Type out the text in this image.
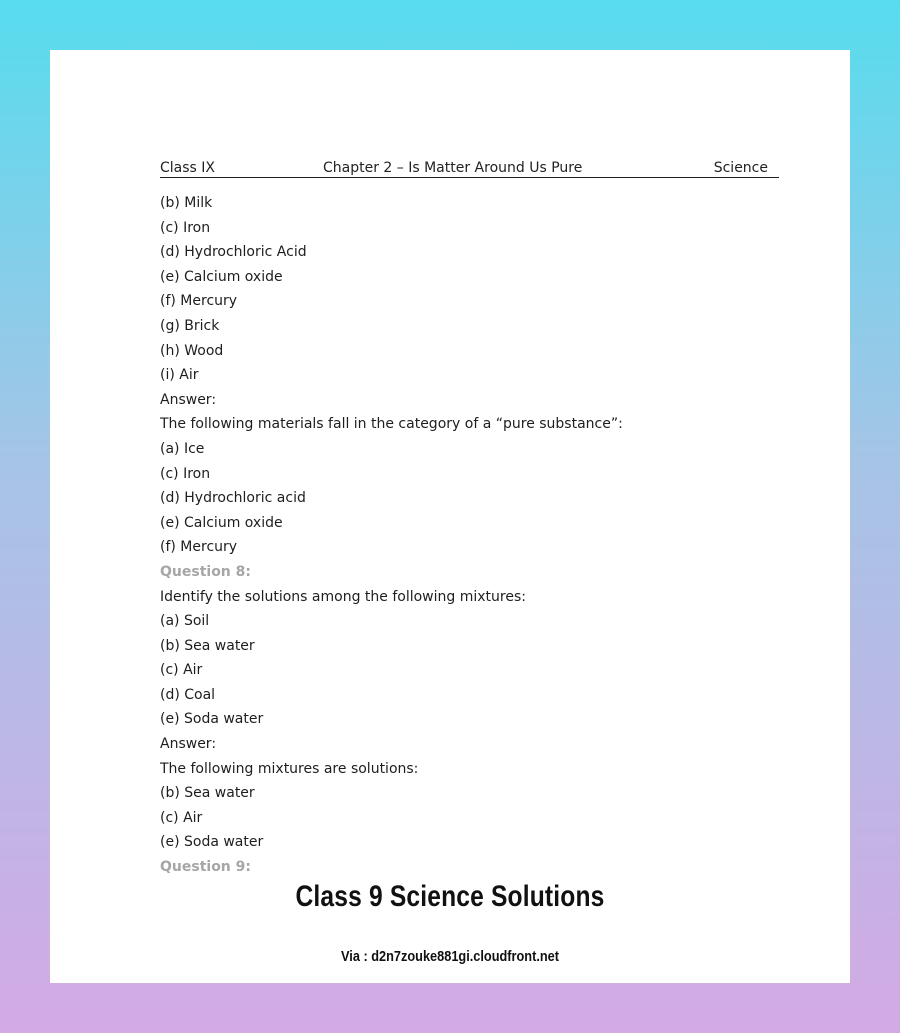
Class IX	Chapter 2 – Is Matter Around Us Pure	Science
(b) Milk
(c) Iron
(d) Hydrochloric Acid
(e) Calcium oxide
(f) Mercury
(g) Brick
(h) Wood
(i) Air
Answer:
The following materials fall in the category of a “pure substance”:
(a) Ice
(c) Iron
(d) Hydrochloric acid
(e) Calcium oxide
(f) Mercury
Question 8:
Identify the solutions among the following mixtures:
(a) Soil
(b) Sea water
(c) Air
(d) Coal
(e) Soda water
Answer:
The following mixtures are solutions:
(b) Sea water
(c) Air
(e) Soda water
Question 9:
Class 9 Science Solutions
Via : d2n7zouke881gi.cloudfront.net
